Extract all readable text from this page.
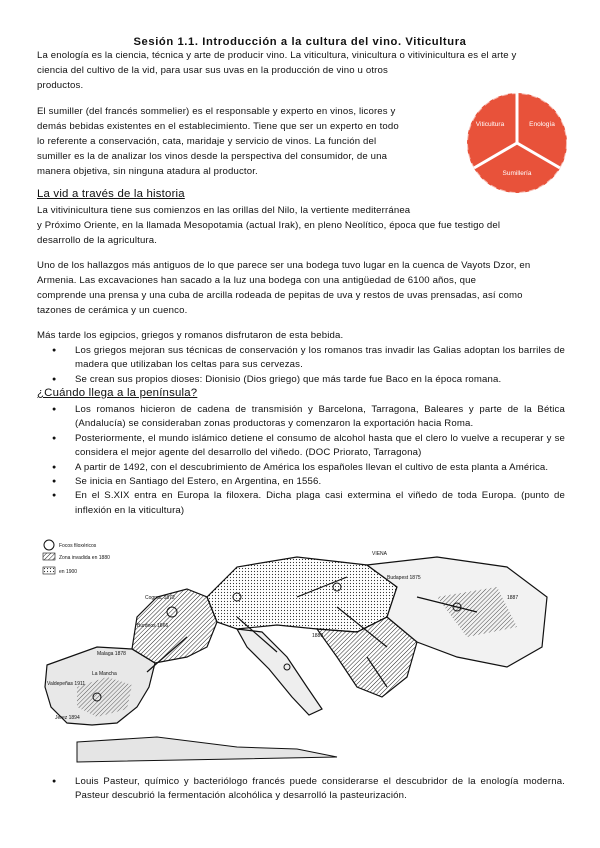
Sesión 1.1. Introducción a la cultura del vino. Viticultura
La enología es la ciencia, técnica y arte de producir vino. La viticultura, vinicultura o vitivinicultura es el arte y
ciencia del cultivo de la vid, para usar sus uvas en la producción de vino u otros
productos.
El sumiller (del francés sommelier) es el responsable y experto en vinos, licores y
demás bebidas existentes en el establecimiento. Tiene que ser un experto en todo
lo referente a conservación, cata, maridaje y servicio de vinos. La función del
sumiller es la de analizar los vinos desde la perspectiva del consumidor, de una
manera objetiva, sin ninguna atadura al productor.
Viticultura	Enología
Sumillería
La vid a través de la historia
La vitivinicultura tiene sus comienzos en las orillas del Nilo, la vertiente mediterránea
y Próximo Oriente, en la llamada Mesopotamia (actual Irak), en pleno Neolítico, época que fue testigo del
desarrollo de la agricultura.
Uno de los hallazgos más antiguos de lo que parece ser una bodega tuvo lugar en la cuenca de Vayots Dzor, en
Armenia. Las excavaciones han sacado a la luz una bodega con una antigüedad de 6100 años, que
comprende una prensa y una cuba de arcilla rodeada de pepitas de uva y restos de uvas prensadas, así como
tazones de cerámica y un cuenco.
Más tarde los egipcios, griegos y romanos disfrutaron de esta bebida.
● Los griegos mejoran sus técnicas de conservación y los romanos tras invadir las Galias adoptan los barriles de madera que utilizaban los celtas para sus cervezas.
● Se crean sus propios dioses: Dionisio (Dios griego) que más tarde fue Baco en la época romana.
¿Cuándo llega a la península?
● Los romanos hicieron de cadena de transmisión y Barcelona, Tarragona, Baleares y parte de la Bética (Andalucía) se consideraban zonas productoras y comenzaron la exportación hacia Roma.
● Posteriormente, el mundo islámico detiene el consumo de alcohol hasta que el clero lo vuelve a recuperar y se considera el mejor agente del desarrollo del viñedo. (DOC Priorato, Tarragona)
● A partir de 1492, con el descubrimiento de América los españoles llevan el cultivo de esta planta a América.
● Se inicia en Santiago del Estero, en Argentina, en 1556.
● En el S.XIX entra en Europa la filoxera. Dicha plaga casi extermina el viñedo de toda Europa. (punto de inflexión en la viticultura)
Focos filoxéricos
Zona invadida en 1880
en 1900
Cognac 1872
Burdeos 1866
Malaga 1878
La Mancha
Valdepeñas 1911
Jerez 1894
VIENA
Budapest 1875
1880
1887
● Louis Pasteur, químico y bacteriólogo francés puede considerarse el descubridor de la enología moderna. Pasteur descubrió la fermentación alcohólica y desarrolló la pasteurización.
